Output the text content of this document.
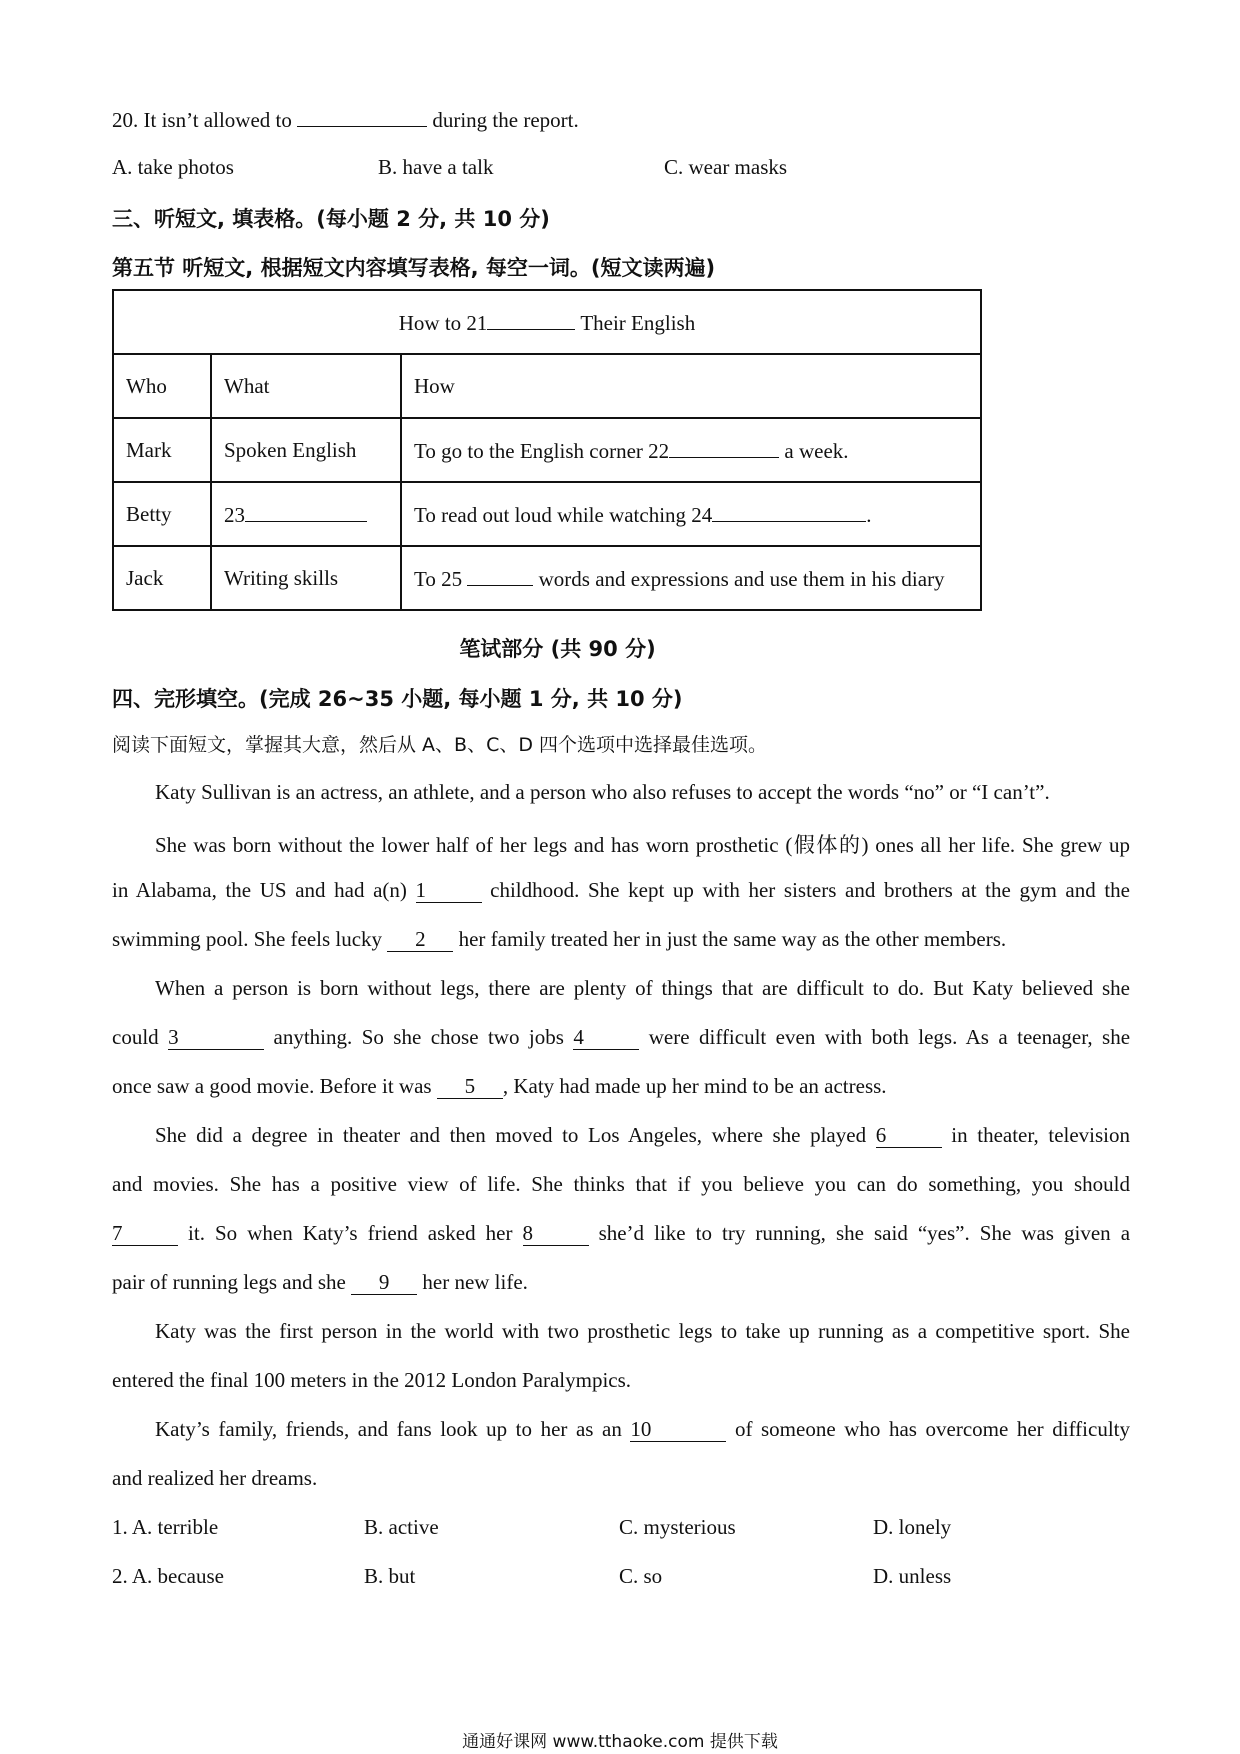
20. It isn’t allowed to	during the report.
A. take photos	B. have a talk	C. wear masks
三、听短文, 填表格。(每小题 2 分, 共 10 分)
第五节 听短文, 根据短文内容填写表格, 每空一词。(短文读两遍)
How to 21 Their English		
Who	What	How
Mark	Spoken English	To go to the English corner 22 a week.
Betty	23	To read out loud while watching 24 .
Jack	Writing skills	To 25 words and expressions and use them in his diary
笔试部分 (共 90 分)
四、完形填空。(完成 26~35 小题, 每小题 1 分, 共 10 分)
阅读下面短文，掌握其大意，然后从 A、B、C、D 四个选项中选择最佳选项。
Katy Sullivan is an actress, an athlete, and a person who also refuses to accept the words “no” or “I can’t”.
She was born without the lower half of her legs and has worn prosthetic (假体的) ones all her life. She grew up
in Alabama, the US and had a(n) 1	childhood. She kept up with her sisters and brothers at the gym and the
swimming pool. She feels lucky 2 her family treated her in just the same way as the other members.
When a person is born without legs, there are plenty of things that are difficult to do. But Katy believed she
could 3	anything. So she chose two jobs 4	were difficult even with both legs. As a teenager, she
once saw a good movie. Before it was 5 , Katy had made up her mind to be an actress.
She did a degree in theater and then moved to Los Angeles, where she played 6	in theater, television
and movies. She has a positive view of life. She thinks that if you believe you can do something, you should
7	it. So when Katy’s friend asked her 8	she’d like to try running, she said “yes”. She was given a
pair of running legs and she 9 her new life.
Katy was the first person in the world with two prosthetic legs to take up running as a competitive sport. She
entered the final 100 meters in the 2012 London Paralympics.
Katy’s family, friends, and fans look up to her as an 10	of someone who has overcome her difficulty
and realized her dreams.
1. A. terrible	B. active	C. mysterious	D. lonely
2. A. because	B. but	C. so	D. unless
通通好课网 www.tthaoke.com 提供下载
